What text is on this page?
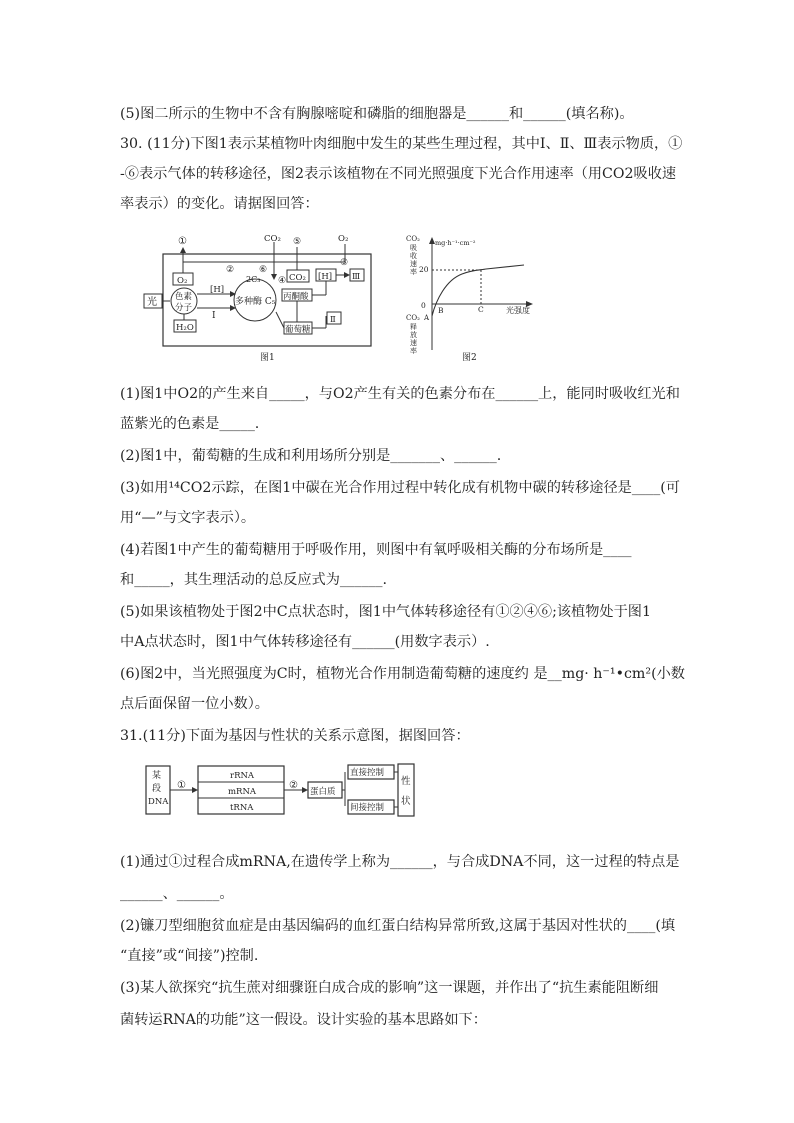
(5)图二所示的生物中不含有胸腺嘧啶和磷脂的细胞器是______和______(填名称)。
30. (11分)下图1表示某植物叶肉细胞中发生的某些生理过程，其中Ⅰ、Ⅱ、Ⅲ表示物质，①
-⑥表示气体的转移途径，图2表示该植物在不同光照强度下光合作用速率（用CO2吸收速
率表示）的变化。请据图回答：
光 色素
分子
O₂
①
H₂O
[H]
Ⅰ
2C₃
多种酶 C₅
CO₂
②	⑥
⑤	O₂
③
④ CO₂ [H] Ⅲ
丙酮酸
葡萄糖
Ⅱ
图1
CO₂
吸
收
速
率
mg·h⁻¹·cm⁻²
20
0
B	C	光强度
CO₂ A
释
放
速
率
图2
(1)图1中O2的产生来自_____，与O2产生有关的色素分布在______上，能同时吸收红光和
蓝紫光的色素是_____.
(2)图1中，葡萄糖的生成和利用场所分别是_______、______.
(3)如用¹⁴CO2示踪，在图1中碳在光合作用过程中转化成有机物中碳的转移途径是____(可
用“—”与文字表示）。
(4)若图1中产生的葡萄糖用于呼吸作用，则图中有氧呼吸相关酶的分布场所是____
和_____，其生理活动的总反应式为______.
(5)如果该植物处于图2中C点状态时，图1中气体转移途径有①②④⑥;该植物处于图1
中A点状态时，图1中气体转移途径有______(用数字表示）.
(6)图2中，当光照强度为C时，植物光合作用制造葡萄糖的速度约 是__mg· h⁻¹•cm²(小数
点后面保留一位小数）。
31.(11分)下面为基因与性状的关系示意图，据图回答：
某
段
DNA
①
rRNA
mRNA
tRNA
②
蛋白质
直接控制
间接控制
性
状
(1)通过①过程合成mRNA,在遗传学上称为______，与合成DNA不同，这一过程的特点是
______、______。
(2)镰刀型细胞贫血症是由基因编码的血红蛋白结构异常所致,这属于基因对性状的____(填
“直接”或“间接”)控制.
(3)某人欲探究“抗生蔗对细骤诳白成合成的影响”这一课题，并作出了“抗生素能阻断细
菌转运RNA的功能”这一假设。设计实验的基本思路如下：
